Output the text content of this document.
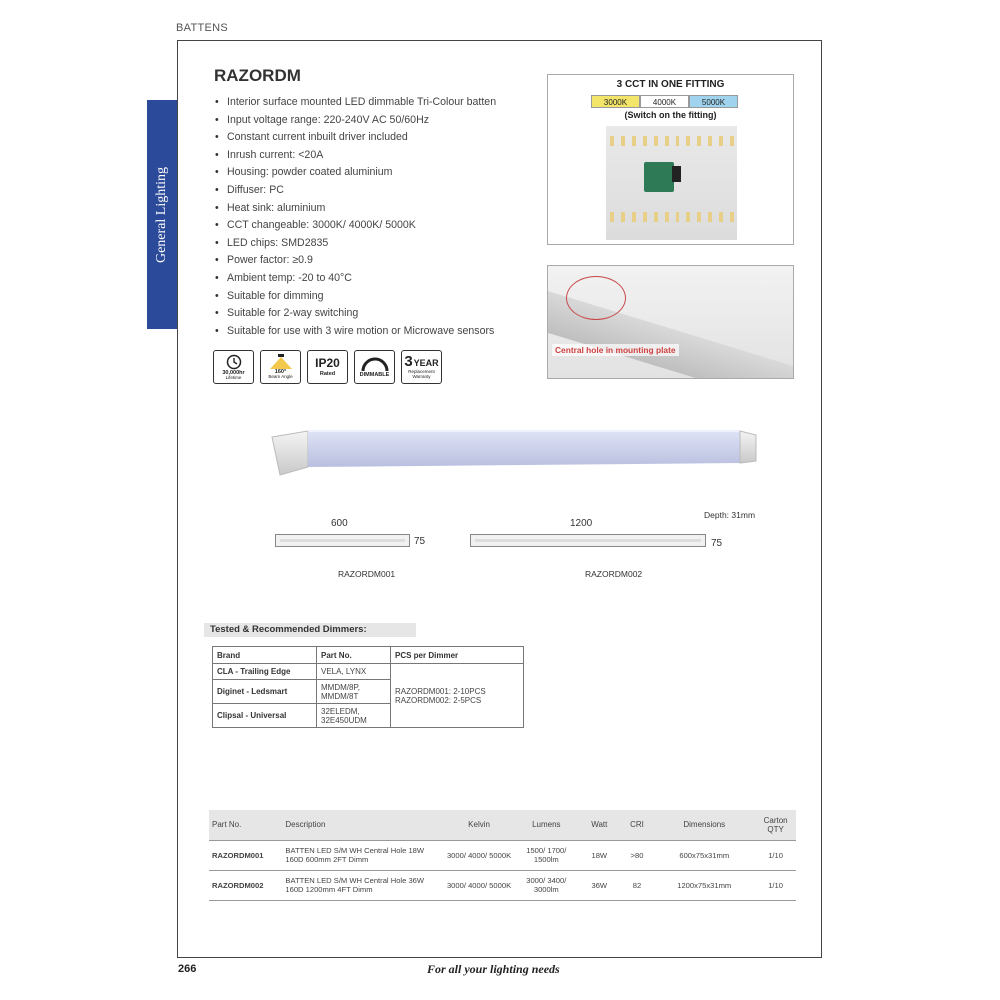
BATTENS
General Lighting
RAZORDM
• Interior surface mounted LED dimmable Tri-Colour batten
• Input voltage range: 220-240V AC 50/60Hz
• Constant current inbuilt driver included
• Inrush current: <20A
• Housing: powder coated aluminium
• Diffuser: PC
• Heat sink: aluminium
• CCT changeable: 3000K/ 4000K/ 5000K
• LED chips: SMD2835
• Power factor: ≥0.9
• Ambient temp: -20 to 40°C
• Suitable for dimming
• Suitable for 2-way switching
• Suitable for use with 3 wire motion or Microwave sensors
30,000hr
Lifetime
160°
Beam Angle
IP20
Rated	DIMMABLE
3 YEAR
Replacement Warranty
3 CCT IN ONE FITTING
3000K	4000K	5000K
(Switch on the fitting)
Central hole in mounting plate
Depth: 31mm
600
75
RAZORDM001
1200
75
RAZORDM002
Tested & Recommended Dimmers:
Brand	Part No.	PCS per Dimmer
CLA - Trailing Edge	VELA, LYNX	RAZORDM001: 2-10PCS
RAZORDM002: 2-5PCS

Diginet - Ledsmart	MMDM/8P, MMDM/8T	
Clipsal - Universal	32ELEDM, 32E450UDM	
Part No.	Description	Kelvin	Lumens	Watt	CRI	Dimensions	Carton QTY
RAZORDM001	BATTEN LED S/M WH Central Hole 18W 160D 600mm 2FT Dimm	3000/ 4000/ 5000K	1500/ 1700/ 1500lm	18W	>80	600x75x31mm	1/10
RAZORDM002	BATTEN LED S/M WH Central Hole 36W 160D 1200mm 4FT Dimm	3000/ 4000/ 5000K	3000/ 3400/ 3000lm	36W	82	1200x75x31mm	1/10
266	For all your lighting needs
